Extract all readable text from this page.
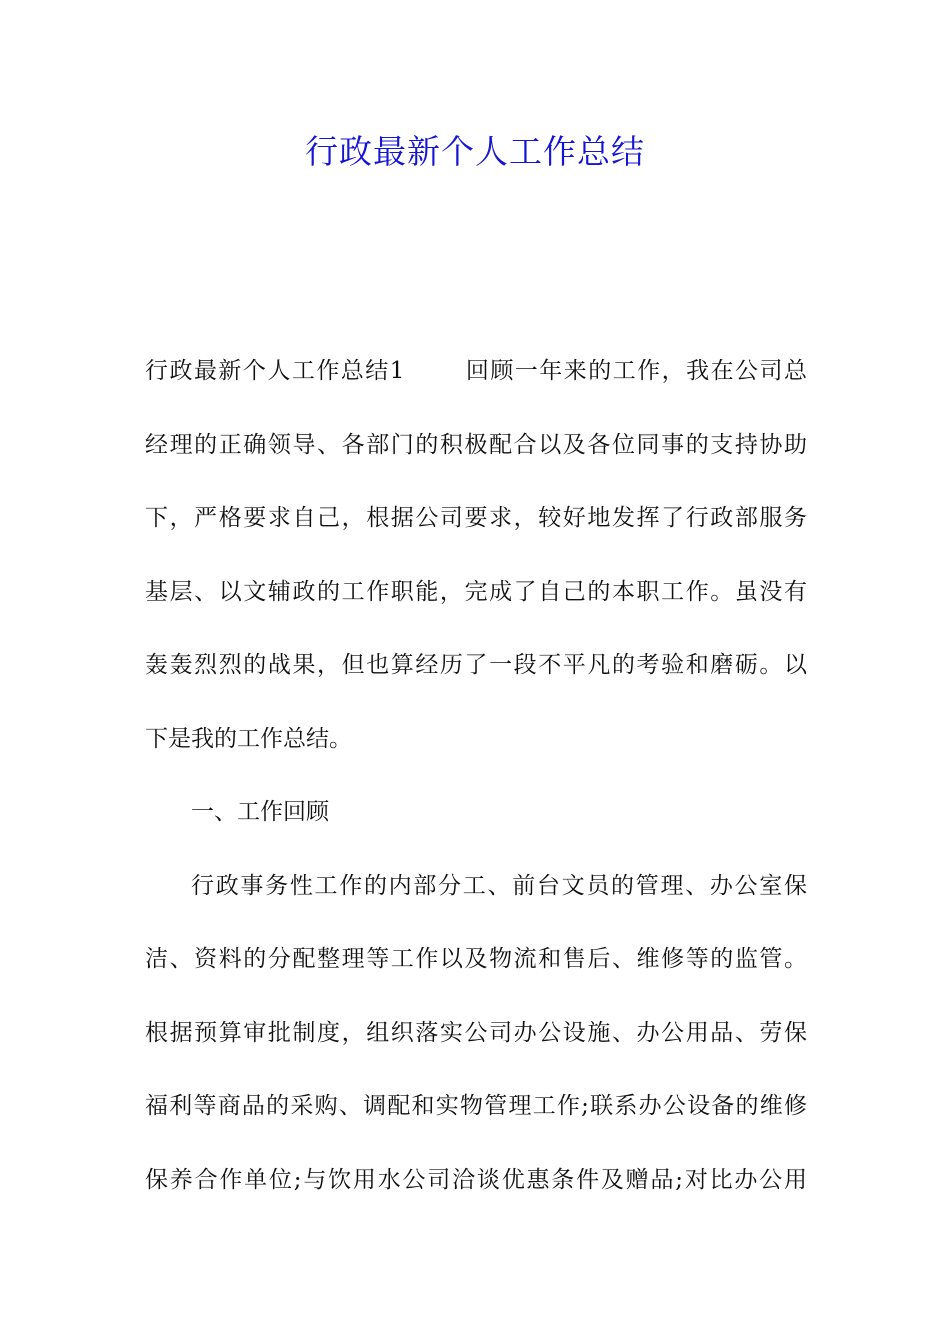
行政最新个人工作总结
行政最新个人工作总结1	回顾一年来的工作，我在公司总
经理的正确领导、各部门的积极配合以及各位同事的支持协助
下，严格要求自己，根据公司要求，较好地发挥了行政部服务
基层、以文辅政的工作职能，完成了自己的本职工作。虽没有
轰轰烈烈的战果，但也算经历了一段不平凡的考验和磨砺。以
下是我的工作总结。
一、工作回顾
行政事务性工作的内部分工、前台文员的管理、办公室保
洁、资料的分配整理等工作以及物流和售后、维修等的监管。
根据预算审批制度，组织落实公司办公设施、办公用品、劳保
福利等商品的采购、调配和实物管理工作;联系办公设备的维修
保养合作单位;与饮用水公司洽谈优惠条件及赠品;对比办公用
